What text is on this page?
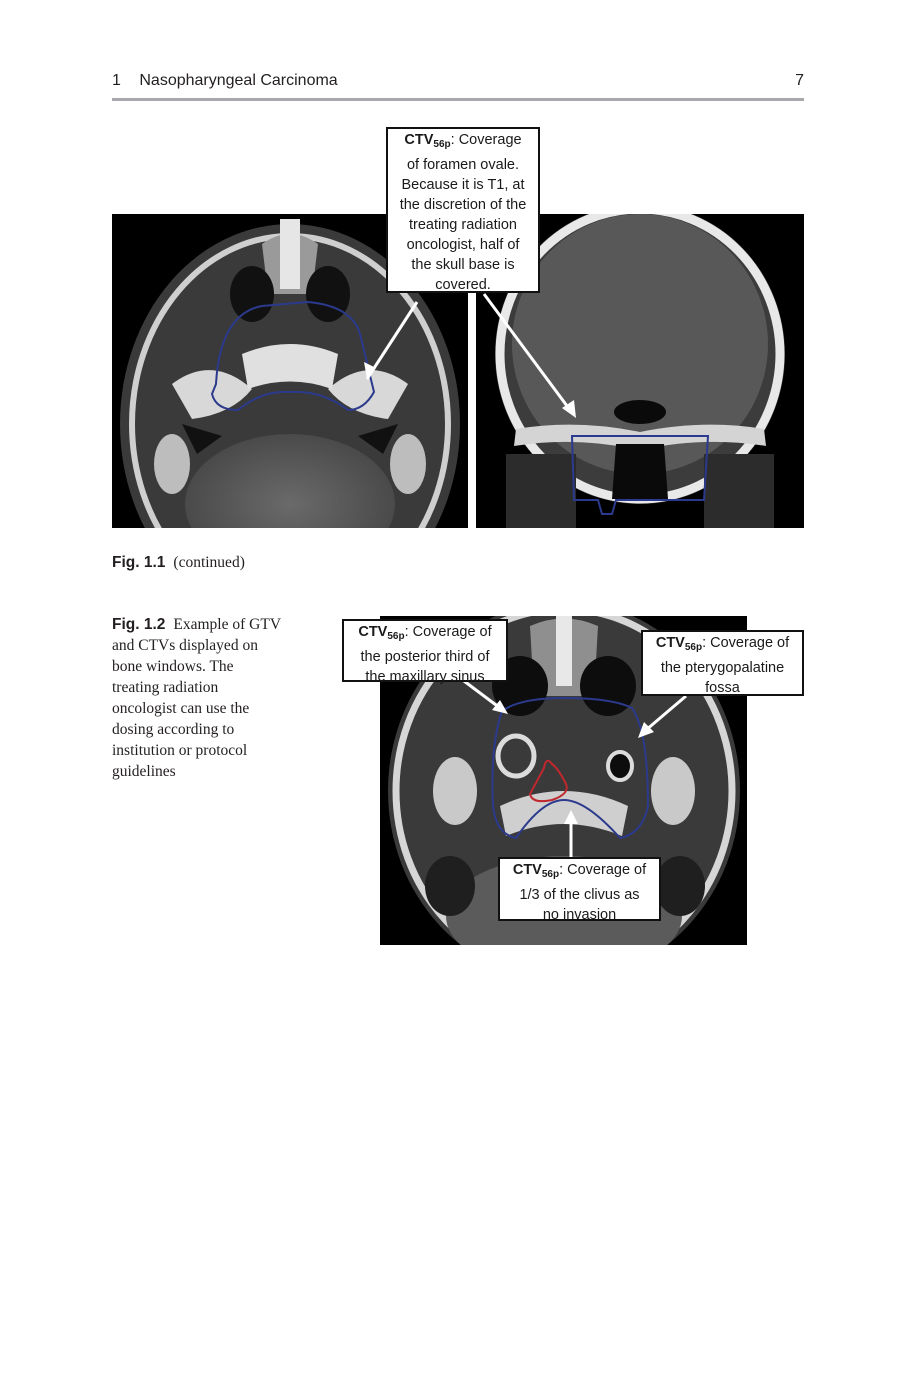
1 Nasopharyngeal Carcinoma	7
$CTV_{56p}$: Coverage
of foramen ovale.
Because it is T1, at
the discretion of the
treating radiation
oncologist, half of
the skull base is
covered.
Fig. 1.1 (continued)
Fig. 1.2 Example of GTV
and CTVs displayed on
bone windows. The
treating radiation
oncologist can use the
dosing according to
institution or protocol
guidelines
$CTV_{56p}$: Coverage of
the posterior third of
the maxillary sinus
$CTV_{56p}$: Coverage of
the pterygopalatine
fossa
$CTV_{56p}$: Coverage of
1/3 of the clivus as
no invasion
